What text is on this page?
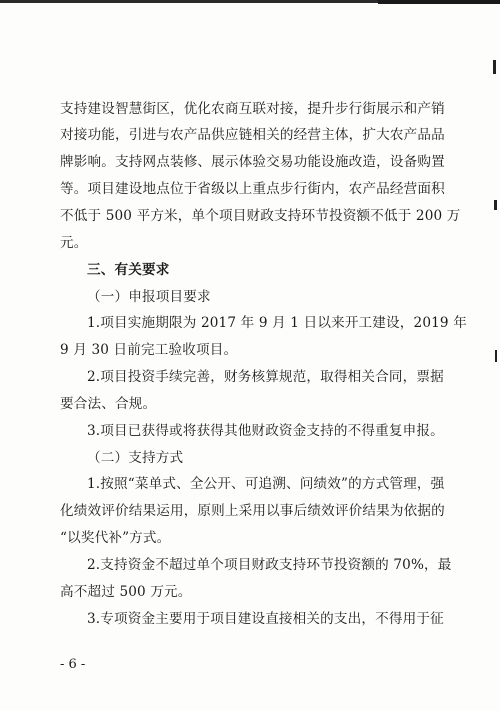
支持建设智慧街区，优化农商互联对接，提升步行街展示和产销
对接功能，引进与农产品供应链相关的经营主体，扩大农产品品
牌影响。支持网点装修、展示体验交易功能设施改造，设备购置
等。项目建设地点位于省级以上重点步行街内，农产品经营面积
不低于 500 平方米，单个项目财政支持环节投资额不低于 200 万
元。
三、有关要求
（一）申报项目要求
1.项目实施期限为 2017 年 9 月 1 日以来开工建设，2019 年
9 月 30 日前完工验收项目。
2.项目投资手续完善，财务核算规范，取得相关合同，票据
要合法、合规。
3.项目已获得或将获得其他财政资金支持的不得重复申报。
（二）支持方式
1.按照“菜单式、全公开、可追溯、问绩效”的方式管理，强
化绩效评价结果运用，原则上采用以事后绩效评价结果为依据的
“以奖代补”方式。
2.支持资金不超过单个项目财政支持环节投资额的 70%，最
高不超过 500 万元。
3.专项资金主要用于项目建设直接相关的支出，不得用于征
- 6 -
